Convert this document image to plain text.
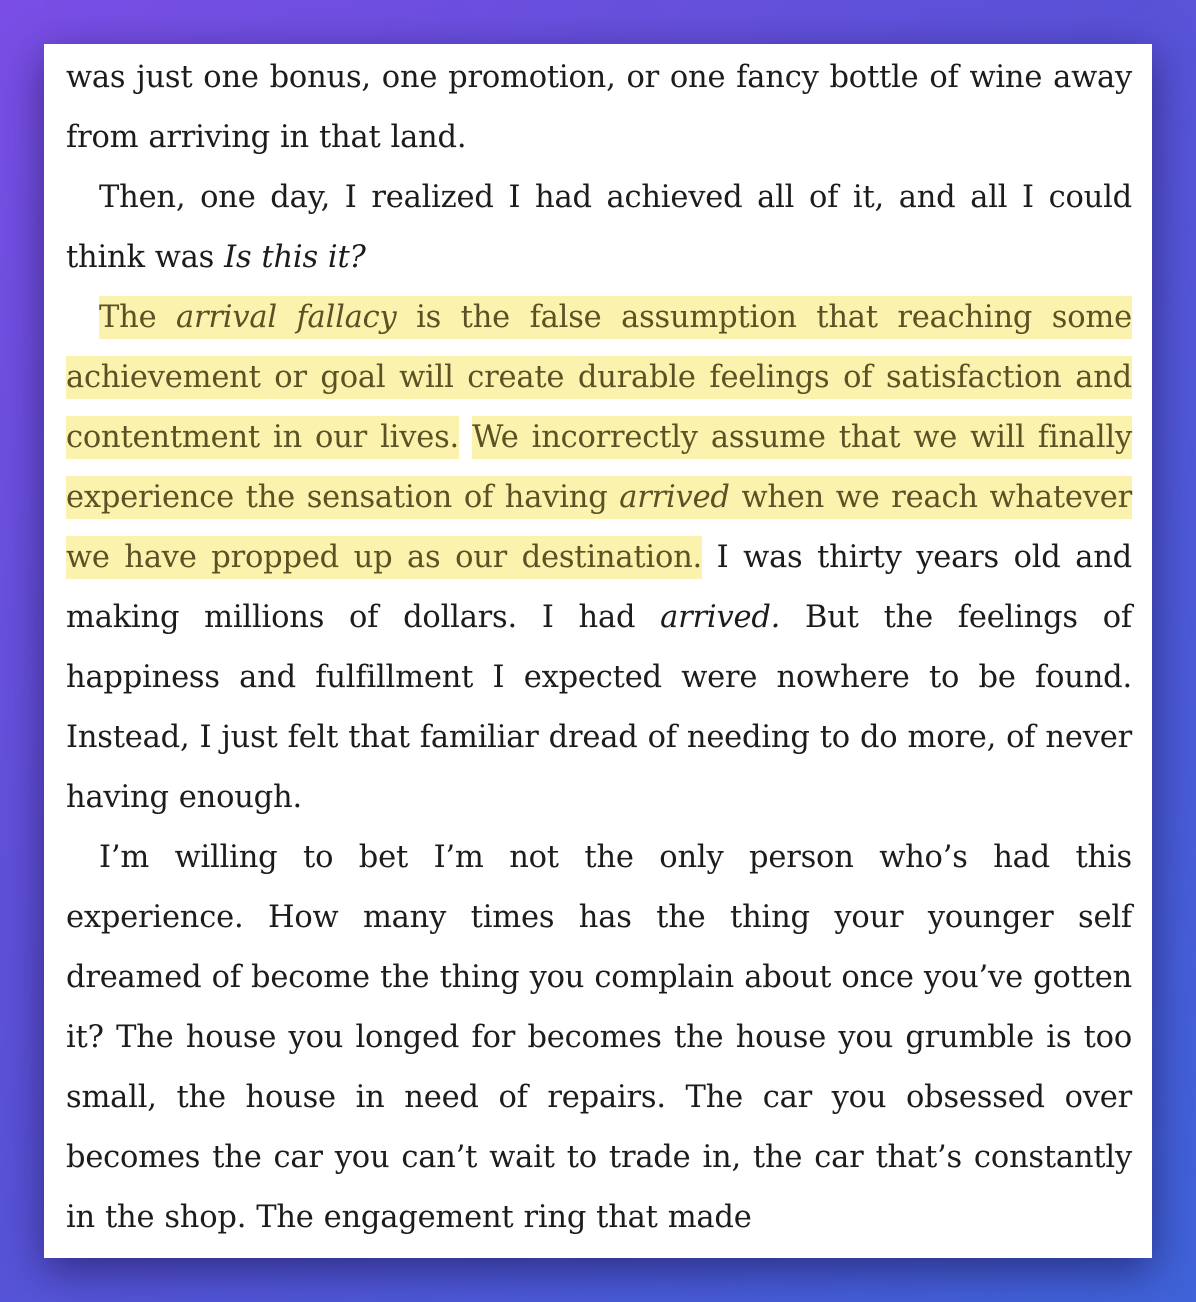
was just one bonus, one promotion, or one fancy bottle of wine away from arriving in that land.

Then, one day, I realized I had achieved all of it, and all I could think was Is this it?

The arrival fallacy is the false assumption that reaching some achievement or goal will create durable feelings of satisfaction and contentment in our lives. We incorrectly assume that we will finally experience the sensation of having arrived when we reach whatever we have propped up as our destination. I was thirty years old and making millions of dollars. I had arrived. But the feelings of happiness and fulfillment I expected were nowhere to be found. Instead, I just felt that familiar dread of needing to do more, of never having enough.

I’m willing to bet I’m not the only person who’s had this experience. How many times has the thing your younger self dreamed of become the thing you complain about once you’ve gotten it? The house you longed for becomes the house you grumble is too small, the house in need of repairs. The car you obsessed over becomes the car you can’t wait to trade in, the car that’s constantly in the shop. The engagement ring that made
